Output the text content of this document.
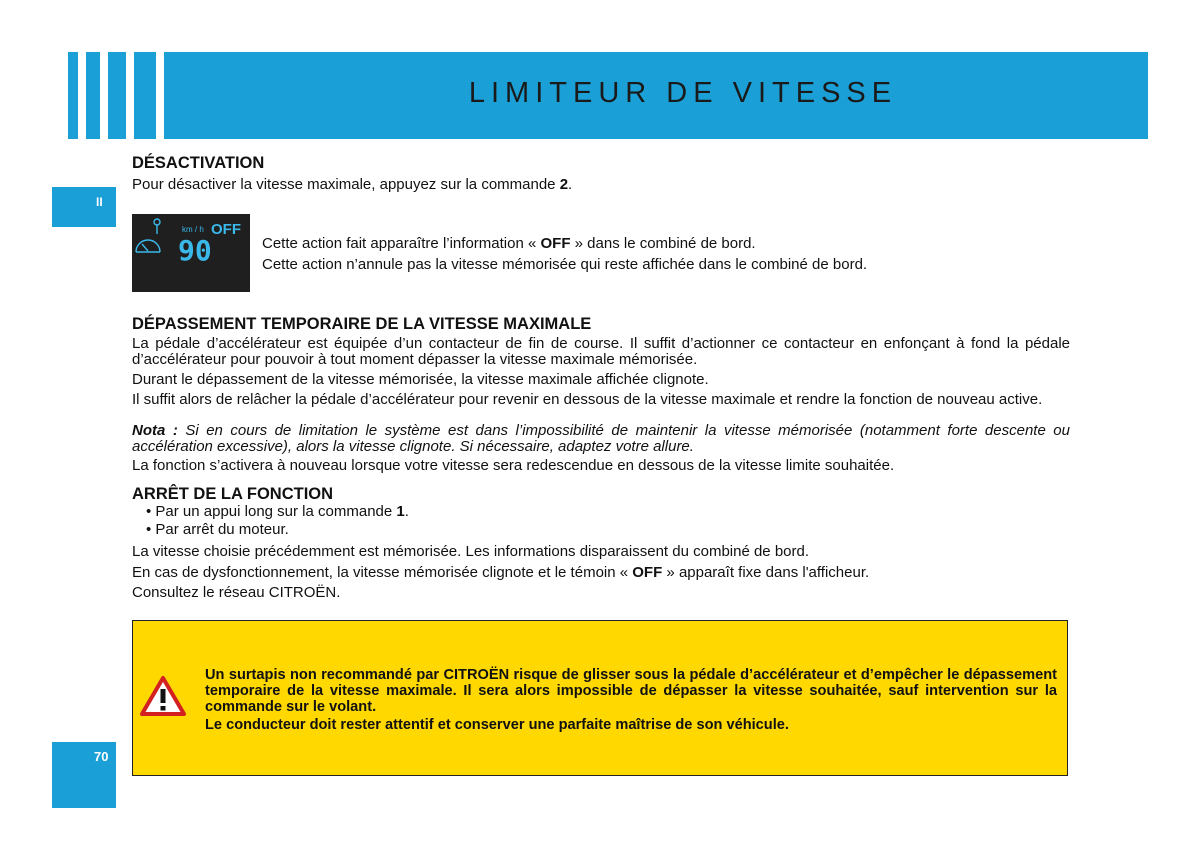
LIMITEUR DE VITESSE
II
70
DÉSACTIVATION

Pour désactiver la vitesse maximale, appuyez sur la commande 2.

km / h OFF
90	Cette action fait apparaître l’information « OFF » dans le combiné de bord.

Cette action n’annule pas la vitesse mémorisée qui reste affichée dans le combiné de bord.

DÉPASSEMENT TEMPORAIRE DE LA VITESSE MAXIMALE

La pédale d’accélérateur est équipée d’un contacteur de fin de course. Il suffit d’actionner ce contacteur en enfonçant à fond la pédale d’accélérateur pour pouvoir à tout moment dépasser la vitesse maximale mémorisée.

Durant le dépassement de la vitesse mémorisée, la vitesse maximale affichée clignote.

Il suffit alors de relâcher la pédale d’accélérateur pour revenir en dessous de la vitesse maximale et rendre la fonction de nouveau active.

Nota : Si en cours de limitation le système est dans l’impossibilité de maintenir la vitesse mémorisée (notamment forte descente ou accélération excessive), alors la vitesse clignote. Si nécessaire, adaptez votre allure.

La fonction s’activera à nouveau lorsque votre vitesse sera redescendue en dessous de la vitesse limite souhaitée.

ARRÊT DE LA FONCTION

• Par un appui long sur la commande 1.

• Par arrêt du moteur.

La vitesse choisie précédemment est mémorisée. Les informations disparaissent du combiné de bord.

En cas de dysfonctionnement, la vitesse mémorisée clignote et le témoin « OFF » apparaît fixe dans l'afficheur.

Consultez le réseau CITROËN.

Un surtapis non recommandé par CITROËN risque de glisser sous la pédale d’accélérateur et d’empêcher le dépassement temporaire de la vitesse maximale. Il sera alors impossible de dépasser la vitesse souhaitée, sauf intervention sur la commande sur le volant.

Le conducteur doit rester attentif et conserver une parfaite maîtrise de son véhicule.
